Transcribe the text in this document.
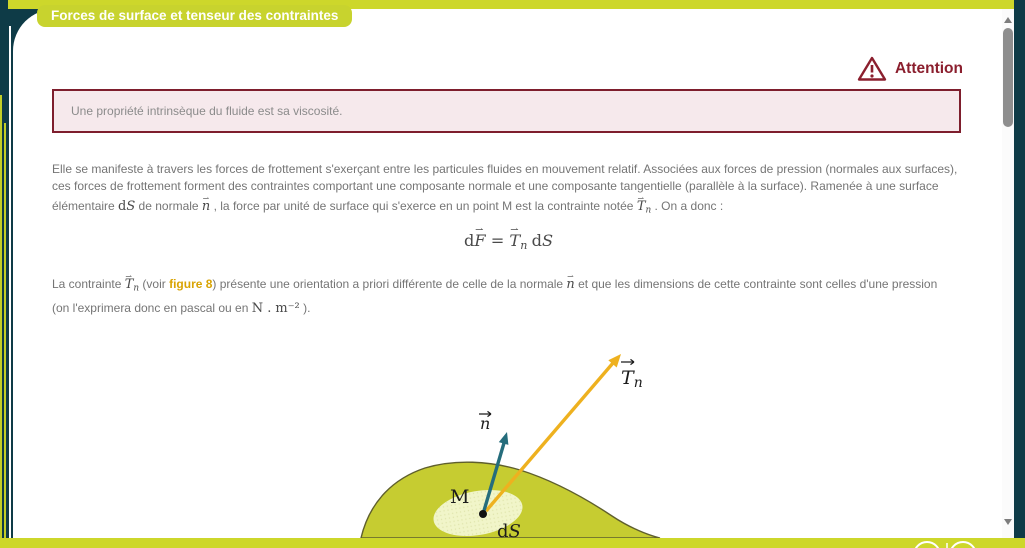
Forces de surface et tenseur des contraintes
Attention
Une propriété intrinsèque du fluide est sa viscosité.
Elle se manifeste à travers les forces de frottement s'exerçant entre les particules fluides en mouvement relatif. Associées aux forces de pression (normales aux surfaces),
ces forces de frottement forment des contraintes comportant une composante normale et une composante tangentielle (parallèle à la surface). Ramenée à une surface
élémentaire dS de normale n ⇀ , la force par unité de surface qui s'exerce en un point M est la contrainte notée T $⇀_n$ . On a donc :
dF ⇀ = T $⇀_n$ dS
La contrainte T $⇀_n$ (voir figure 8) présente une orientation a priori différente de celle de la normale n ⇀ et que les dimensions de cette contrainte sont celles d'une pression
(on l'exprimera donc en pascal ou en N . m⁻² ).
M
dS
n
Tn
